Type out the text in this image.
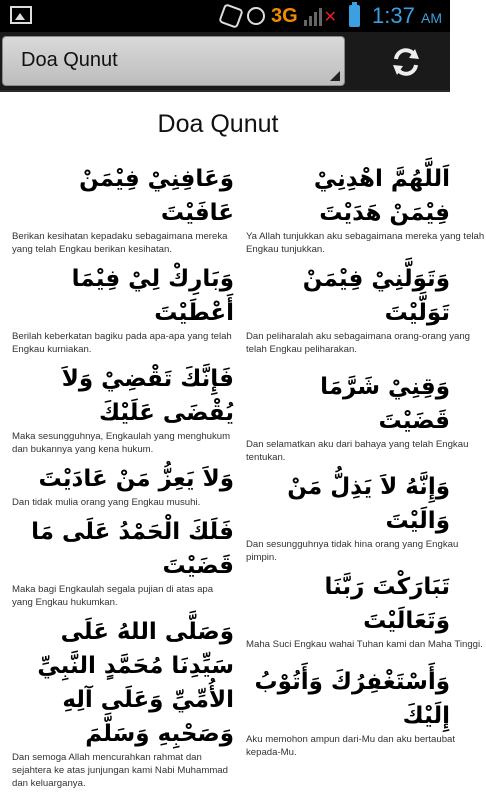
3G ✕ 1:37 AM
Doa Qunut
Doa Qunut
وَعَافِنِيْ فِيْمَنْ عَافَيْتَ
Berikan kesihatan kepadaku sebagaimana mereka yang telah Engkau berikan kesihatan.
وَبَارِكْ لِيْ فِيْمَا أَعْطَيْتَ
Berilah keberkatan bagiku pada apa-apa yang telah Engkau kurniakan.
فَإِنَّكَ تَقْضِيْ وَلاَ يُقْضَى عَلَيْكَ
Maka sesungguhnya, Engkaulah yang menghukum dan bukannya yang kena hukum.
وَلاَ يَعِزُّ مَنْ عَادَيْتَ
Dan tidak mulia orang yang Engkau musuhi.
فَلَكَ الْحَمْدُ عَلَى مَا قَضَيْتَ
Maka bagi Engkaulah segala pujian di atas apa yang Engkau hukumkan.
وَصَلَّى اللهُ عَلَى سَيِّدِنَا مُحَمَّدٍ النَّبِيِّ الأُمِّيِّ وَعَلَى آلِهِ وَصَحْبِهِ وَسَلَّمَ
Dan semoga Allah mencurahkan rahmat dan sejahtera ke atas junjungan kami Nabi Muhammad dan keluarganya.
اَللَّهُمَّ اهْدِنِيْ فِيْمَنْ هَدَيْتَ
Ya Allah tunjukkan aku sebagaimana mereka yang telah Engkau tunjukkan.
وَتَوَلَّنِيْ فِيْمَنْ تَوَلَّيْتَ
Dan peliharalah aku sebagaimana orang-orang yang telah Engkau peliharakan.
وَقِنِيْ شَرَّمَا قَضَيْتَ
Dan selamatkan aku dari bahaya yang telah Engkau tentukan.
وَإِنَّهُ لاَ يَذِلُّ مَنْ وَالَيْتَ
Dan sesungguhnya tidak hina orang yang Engkau pimpin.
تَبَارَكْتَ رَبَّنَا وَتَعَالَيْتَ
Maha Suci Engkau wahai Tuhan kami dan Maha Tinggi.
وَأَسْتَغْفِرُكَ وَأَتُوْبُ إِلَيْكَ
Aku memohon ampun dari-Mu dan aku bertaubat kepada-Mu.
